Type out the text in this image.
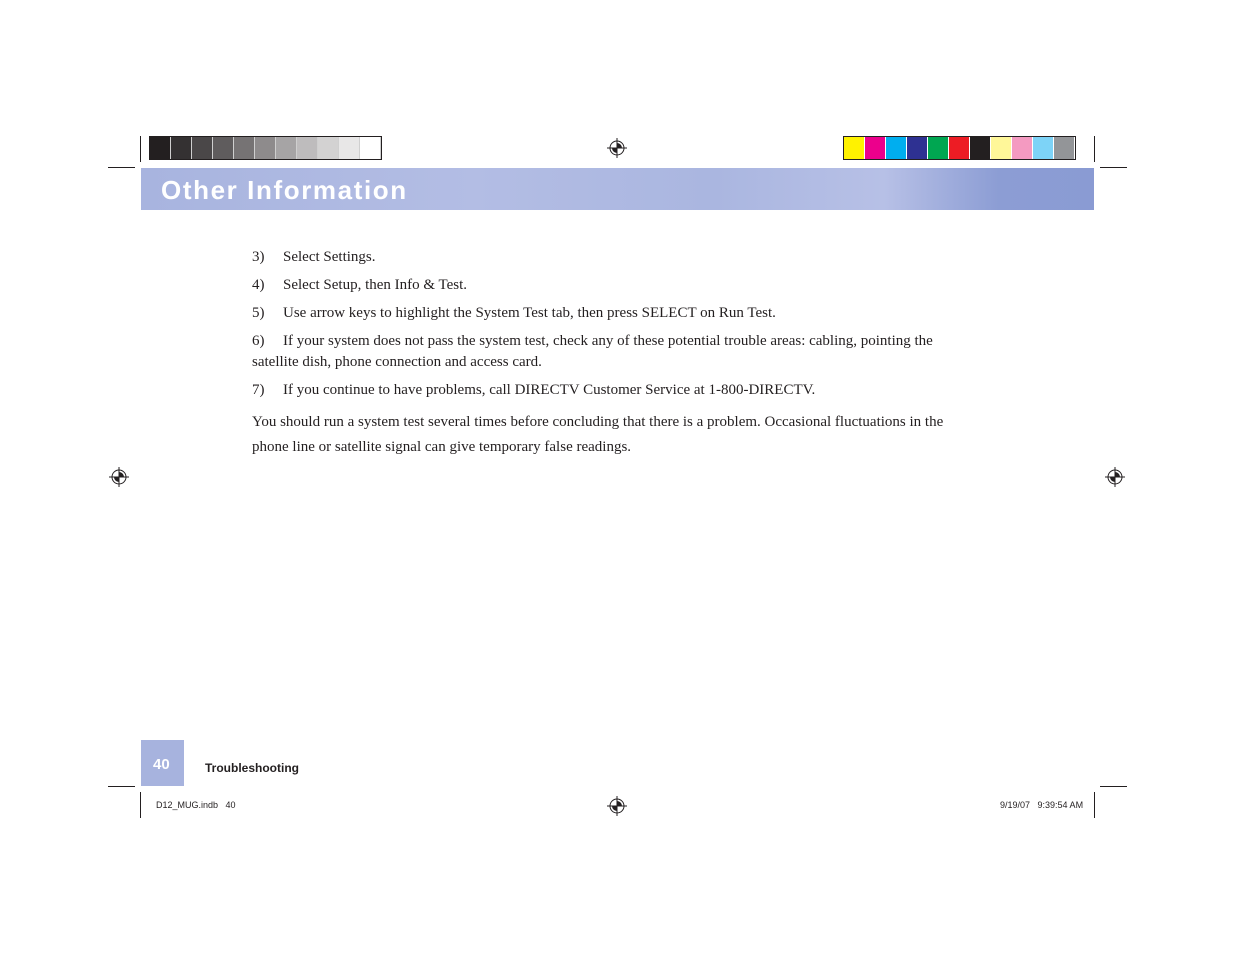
Other Information
3) Select Settings.
4) Select Setup, then Info & Test.
5) Use arrow keys to highlight the System Test tab, then press SELECT on Run Test.
6) If your system does not pass the system test, check any of these potential trouble areas: cabling, pointing the satellite dish, phone connection and access card.
7) If you continue to have problems, call DIRECTV Customer Service at 1-800-DIRECTV.

You should run a system test several times before concluding that there is a problem. Occasional fluctuations in the phone line or satellite signal can give temporary false readings.

40	Troubleshooting
D12_MUG.indb   40	9/19/07   9:39:54 AM
